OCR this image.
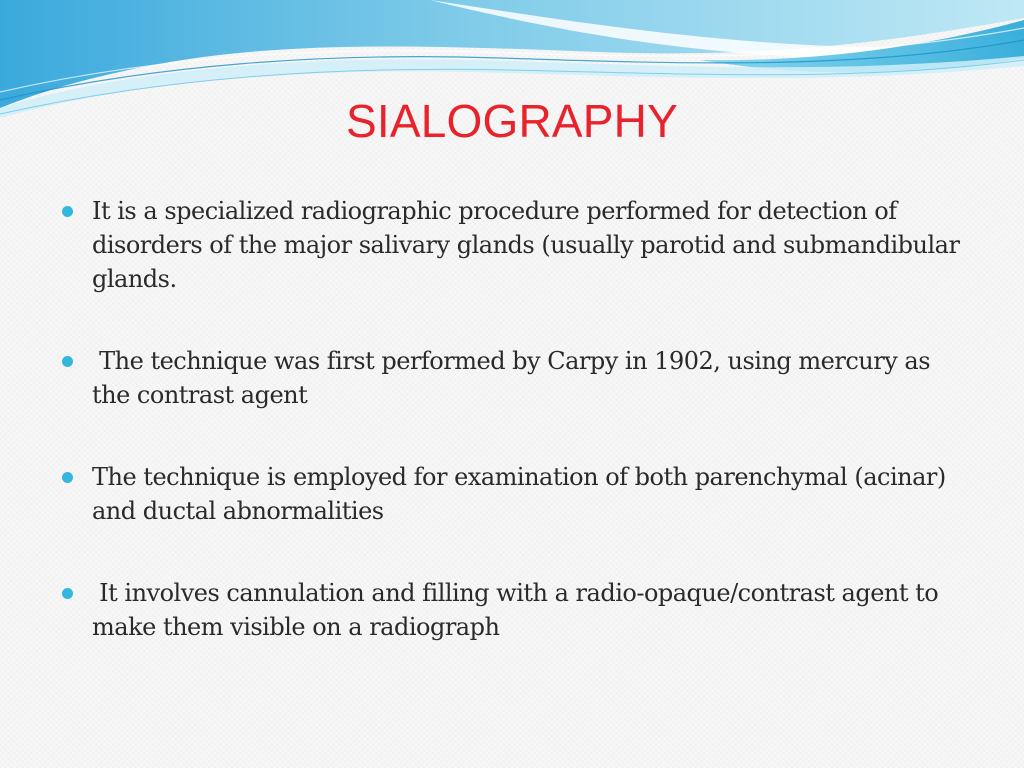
SIALOGRAPHY
It is a specialized radiographic procedure performed for detection of disorders of the major salivary glands (usually parotid and submandibular glands.
The technique was first performed by Carpy in 1902, using mercury as the contrast agent
The technique is employed for examination of both parenchymal (acinar) and ductal abnormalities
It involves cannulation and filling with a radio-opaque/contrast agent to make them visible on a radiograph
